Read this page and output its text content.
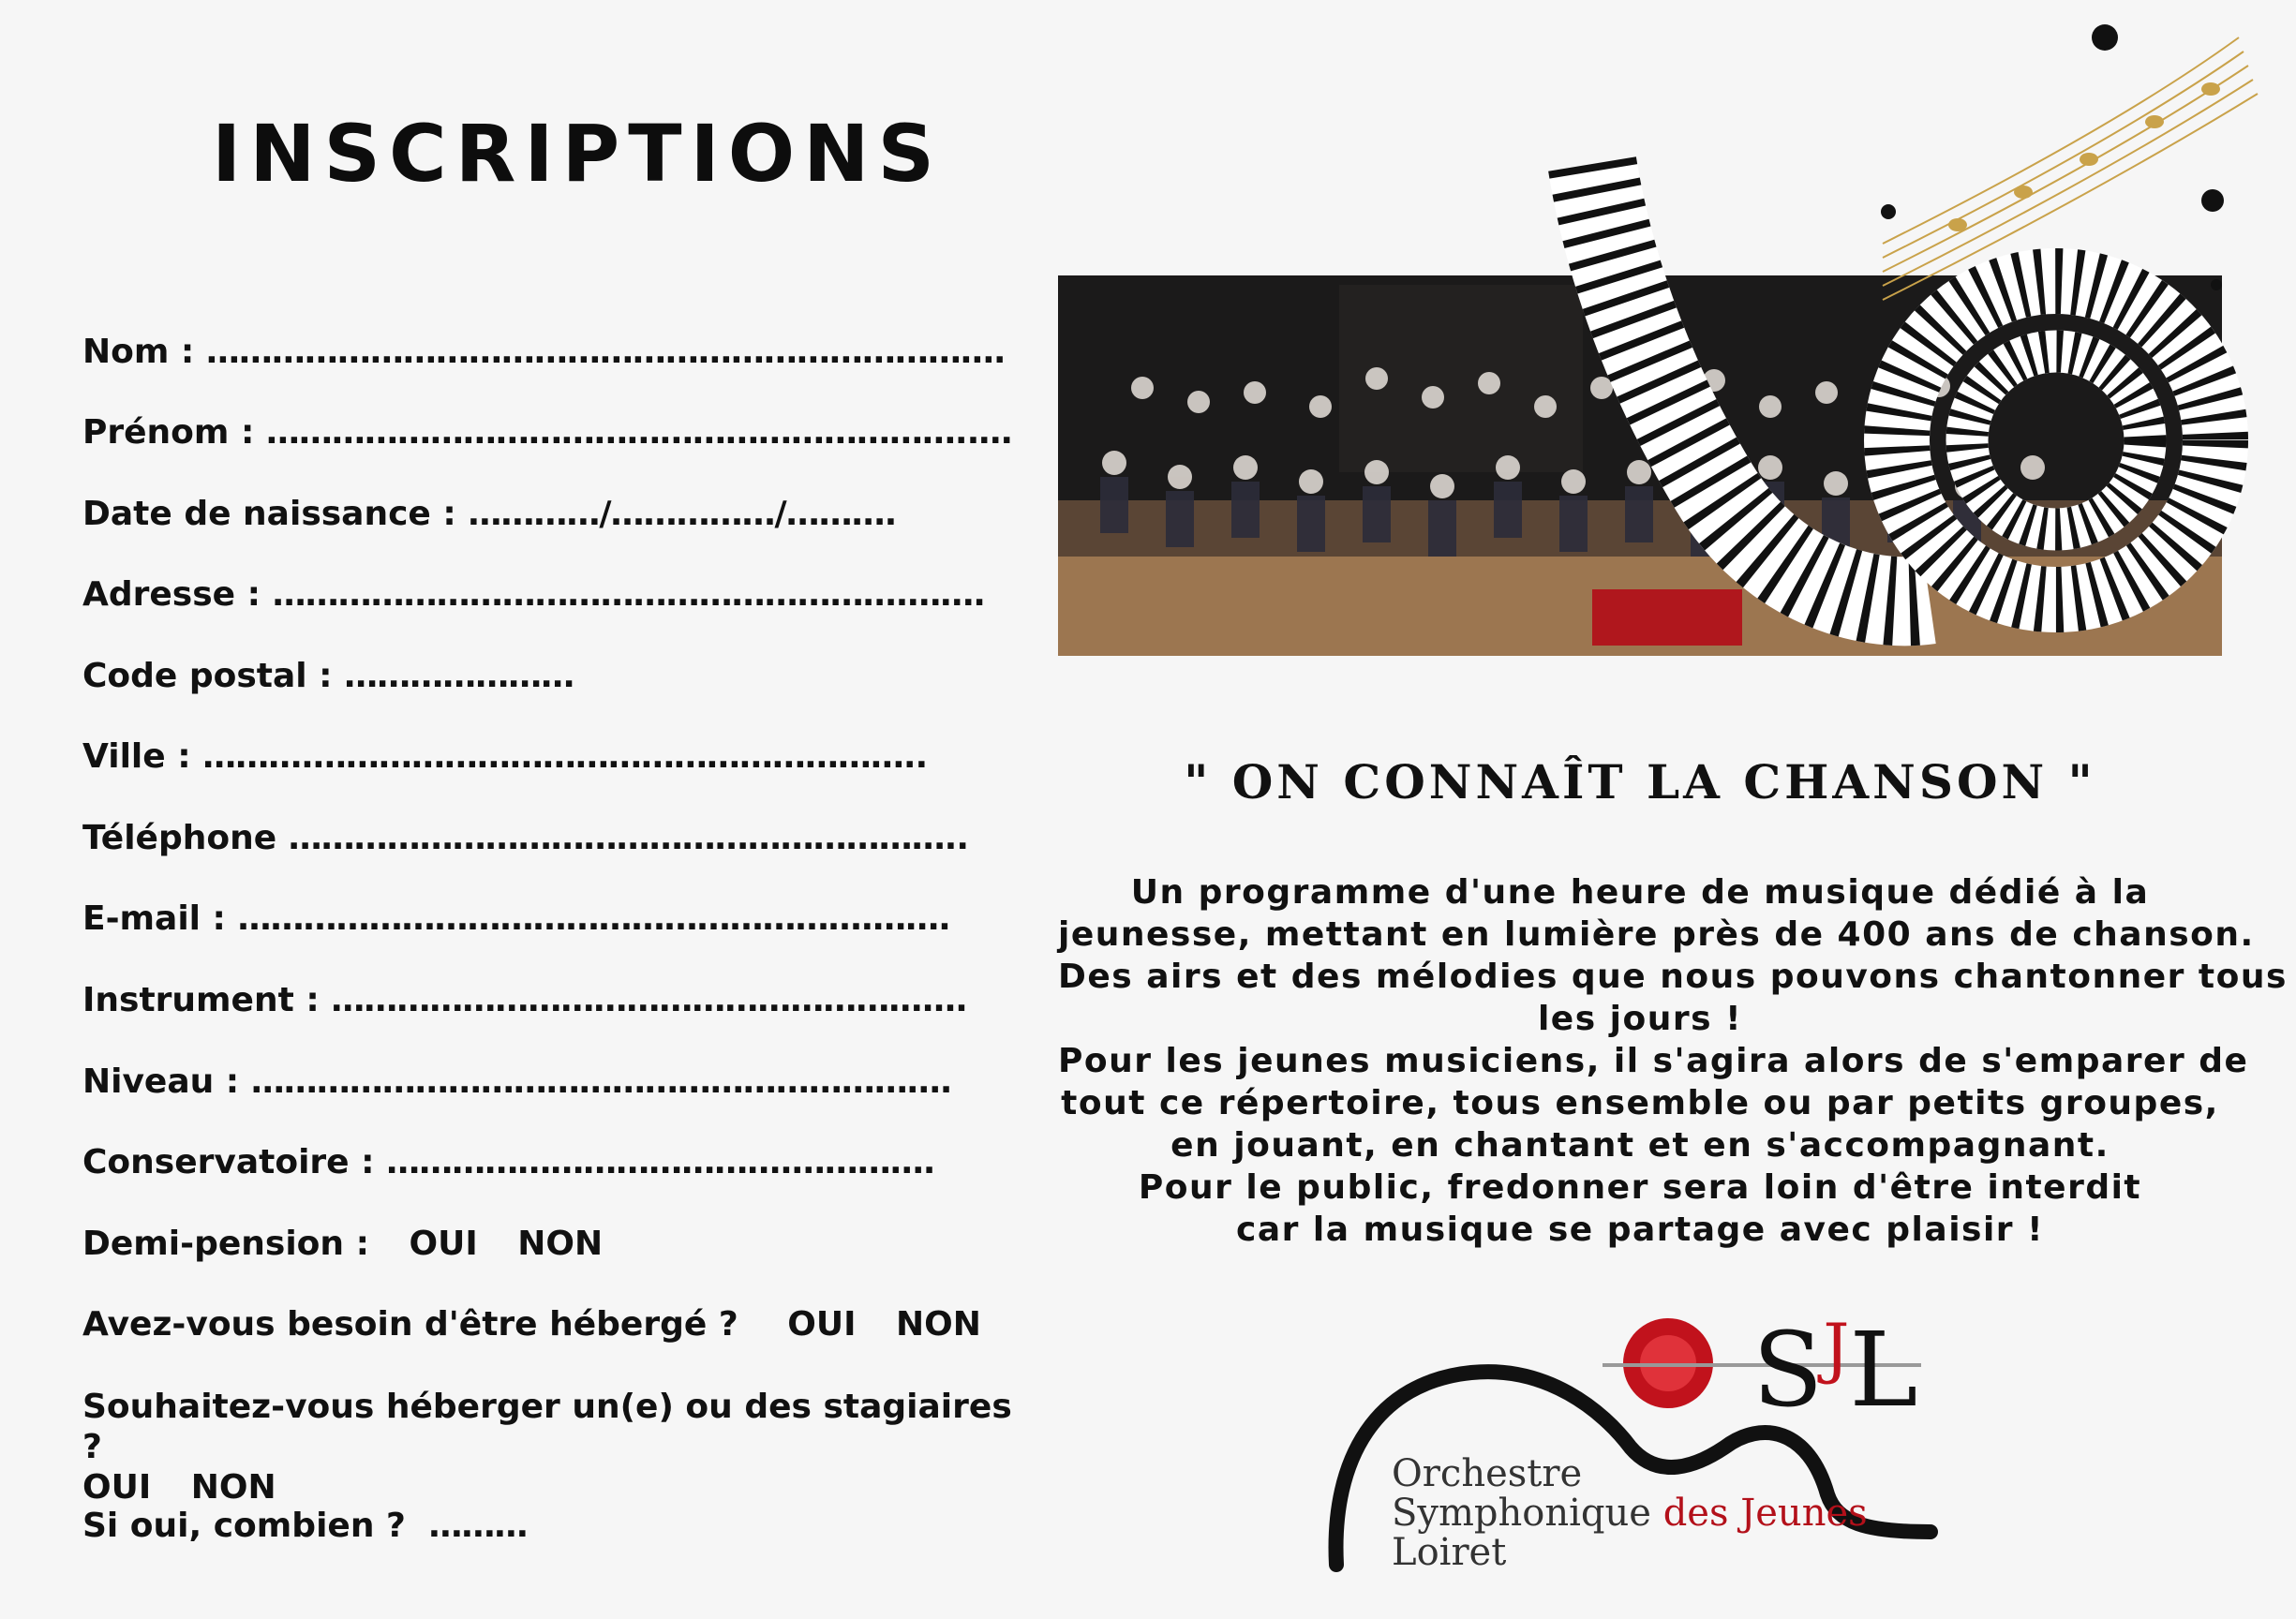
INSCRIPTIONS
Nom : ……………………………………………………………….
Prénom : ………………………………………………………..…
Date de naissance : …………/……………/……….
Adresse : ………………………………………………….…….
Code postal : …………………
Ville : ……….………………………………………………..
Téléphone ……………………………………………………..
E-mail : ………………………………………………….…….
Instrument : ……………………………………………….…
Niveau : ……………………………………………………….
Conservatoire : ……………………………….………….
Demi-pension : OUI NON
Avez-vous besoin d'être hébergé ? OUI NON
Souhaitez-vous héberger un(e) ou des stagiaires ?
OUI NON
Si oui, combien ? ………
" ON CONNAÎT LA CHANSON "
Un programme d'une heure de musique dédié à la
jeunesse, mettant en lumière près de 400 ans de chanson.
Des airs et des mélodies que nous pouvons chantonner tous
les jours !
Pour les jeunes musiciens, il s'agira alors de s'emparer de
tout ce répertoire, tous ensemble ou par petits groupes,
en jouant, en chantant et en s'accompagnant.
Pour le public, fredonner sera loin d'être interdit
car la musique se partage avec plaisir !
$S^JL$
Orchestre
Symphonique des Jeunes
Loiret
